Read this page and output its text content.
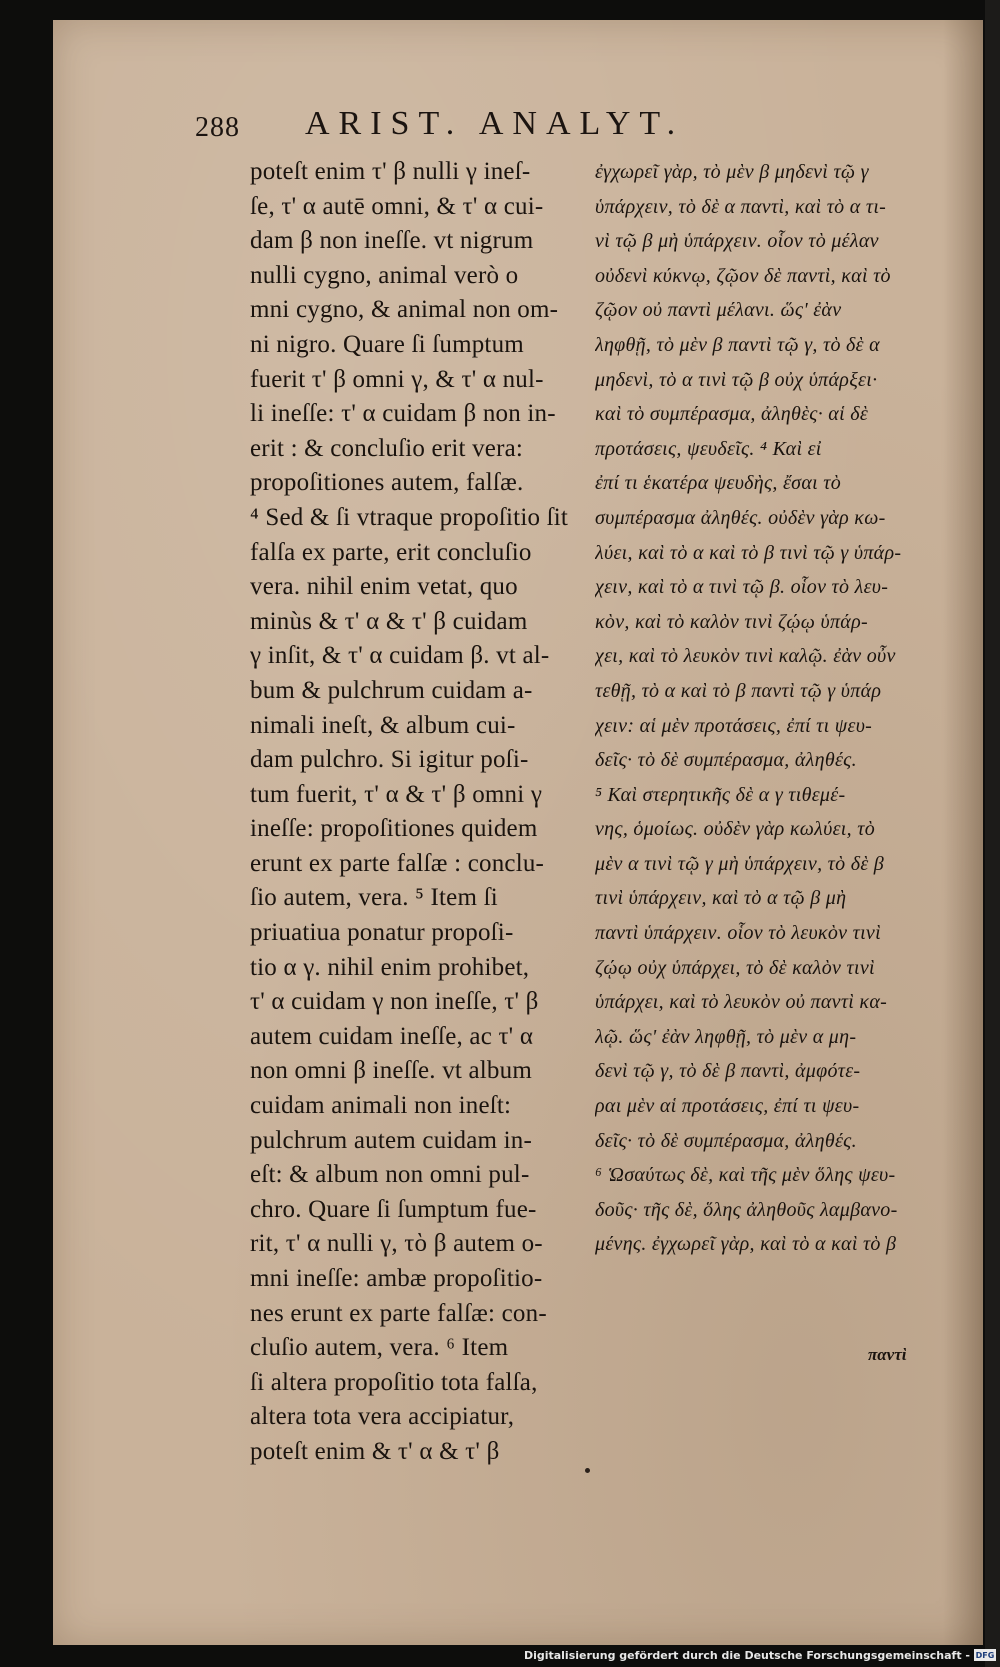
288 ARIST. ANALYT.
poteſt enim τ' β nulli γ ineſ-
ſe, τ' α autē omni, & τ' α cui-
dam β non ineſſe. vt nigrum
nulli cygno, animal verò o
mni cygno, & animal non om-
ni nigro. Quare ſi ſumptum
fuerit τ' β omni γ, & τ' α nul-
li ineſſe: τ' α cuidam β non in-
erit : & concluſio erit vera:
propoſitiones autem, falſæ.
⁴ Sed & ſi vtraque propoſitio ſit
falſa ex parte, erit concluſio
vera. nihil enim vetat, quo
minùs & τ' α & τ' β cuidam
γ inſit, & τ' α cuidam β. vt al-
bum & pulchrum cuidam a-
nimali ineſt, & album cui-
dam pulchro. Si igitur poſi-
tum fuerit, τ' α & τ' β omni γ
ineſſe: propoſitiones quidem
erunt ex parte falſæ : conclu-
ſio autem, vera. ⁵ Item ſi
priuatiua ponatur propoſi-
tio α γ. nihil enim prohibet,
τ' α cuidam γ non ineſſe, τ' β
autem cuidam ineſſe, ac τ' α
non omni β ineſſe. vt album
cuidam animali non ineſt:
pulchrum autem cuidam in-
eſt: & album non omni pul-
chro. Quare ſi ſumptum fue-
rit, τ' α nulli γ, τὸ β autem o-
mni ineſſe: ambæ propoſitio-
nes erunt ex parte falſæ: con-
cluſio autem, vera. ⁶ Item
ſi altera propoſitio tota falſa,
altera tota vera accipiatur,
poteſt enim & τ' α & τ' β
ἐγχωρεῖ γὰρ, τὸ μὲν β μηδενὶ τῷ γ
ὑπάρχειν, τὸ δὲ α παντὶ, καὶ τὸ α τι-
νὶ τῷ β μὴ ὑπάρχειν. οἷον τὸ μέλαν
οὐδενὶ κύκνῳ, ζῷον δὲ παντὶ, καὶ τὸ
ζῷον οὐ παντὶ μέλανι. ὥς' ἐὰν
ληφθῇ, τὸ μὲν β παντὶ τῷ γ, τὸ δὲ α
μηδενὶ, τὸ α τινὶ τῷ β οὐχ ὑπάρξει·
καὶ τὸ συμπέρασμα, ἀληθὲς· αἱ δὲ
προτάσεις, ψευδεῖς. ⁴ Καὶ εἰ
ἐπί τι ἑκατέρα ψευδὴς, ἔσαι τὸ
συμπέρασμα ἀληθές. οὐδὲν γὰρ κω-
λύει, καὶ τὸ α καὶ τὸ β τινὶ τῷ γ ὑπάρ-
χειν, καὶ τὸ α τινὶ τῷ β. οἷον τὸ λευ-
κὸν, καὶ τὸ καλὸν τινὶ ζῴῳ ὑπάρ-
χει, καὶ τὸ λευκὸν τινὶ καλῷ. ἐὰν οὖν
τεθῇ, τὸ α καὶ τὸ β παντὶ τῷ γ ὑπάρ
χειν: αἱ μὲν προτάσεις, ἐπί τι ψευ-
δεῖς· τὸ δὲ συμπέρασμα, ἀληθές.
⁵ Καὶ στερητικῆς δὲ α γ τιθεμέ-
νης, ὁμοίως. οὐδὲν γὰρ κωλύει, τὸ
μὲν α τινὶ τῷ γ μὴ ὑπάρχειν, τὸ δὲ β
τινὶ ὑπάρχειν, καὶ τὸ α τῷ β μὴ
παντὶ ὑπάρχειν. οἷον τὸ λευκὸν τινὶ
ζῴῳ οὐχ ὑπάρχει, τὸ δὲ καλὸν τινὶ
ὑπάρχει, καὶ τὸ λευκὸν οὐ παντὶ κα-
λῷ. ὥς' ἐὰν ληφθῇ, τὸ μὲν α μη-
δενὶ τῷ γ, τὸ δὲ β παντὶ, ἀμφότε-
ραι μὲν αἱ προτάσεις, ἐπί τι ψευ-
δεῖς· τὸ δὲ συμπέρασμα, ἀληθές.
⁶ Ὡσαύτως δὲ, καὶ τῆς μὲν ὅλης ψευ-
δοῦς· τῆς δὲ, ὅλης ἀληθοῦς λαμβανο-
μένης. ἐγχωρεῖ γὰρ, καὶ τὸ α καὶ τὸ β
παντὶ
Digitalisierung gefördert durch die Deutsche Forschungsgemeinschaft - DFG
